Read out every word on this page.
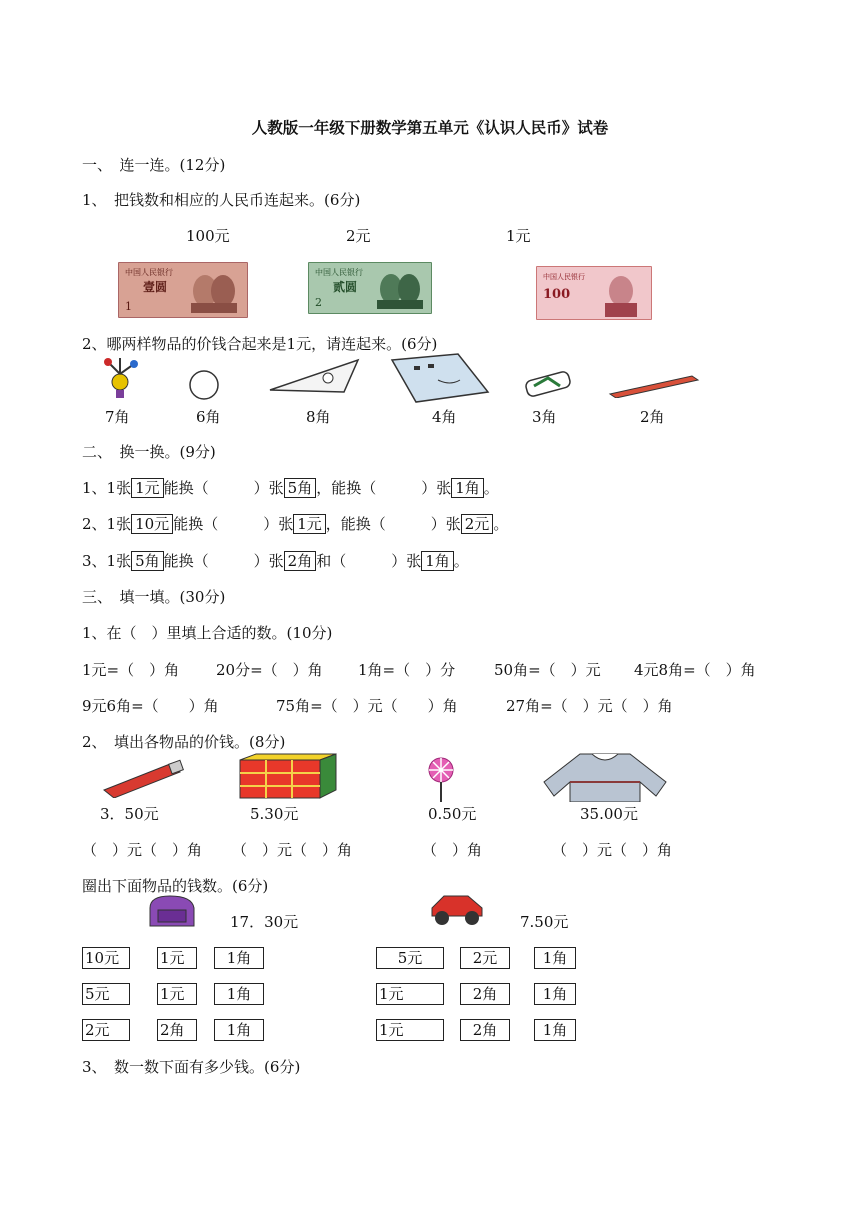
人教版一年级下册数学第五单元《认识人民币》试卷
一、　连一连。(12分)
1、　把钱数和相应的人民币连起来。(6分)
100元	2元	1元
中国人民银行
壹圆
1
中国人民银行
贰圆
2
中国人民银行
100
2、哪两样物品的价钱合起来是1元，请连起来。(6分)
7角	6角	8角	4角	3角	2角
二、　换一换。(9分)
1、1张 1元 能换（　　　）张 5角 ，能换（　　　）张 1角 。
2、1张 10元 能换（　　　）张 1元 ，能换（　　　）张 2元 。
3、1张 5角 能换（　　　）张 2角 和（　　　）张 1角 。
三、　填一填。(30分)
1、在（　）里填上合适的数。(10分)
1元=（　）角 20分=（　）角 1角=（　）分	50角=（　）元 4元8角=（　）角
9元6角=（　　）角	75角=（　）元（　　）角	27角=（　）元（　）角
2、　填出各物品的价钱。(8分)
3．50元	5.30元	0.50元	35.00元
（　）元（　）角 （　）元（　）角	（　）角	（　）元（　）角
圈出下面物品的钱数。(6分)
17．30元	7.50元
10元	1元	1角
5元	1元	1角
2元	2角	1角
5元	2元	1角
1元	2角	1角
1元	2角	1角
3、　数一数下面有多少钱。(6分)
